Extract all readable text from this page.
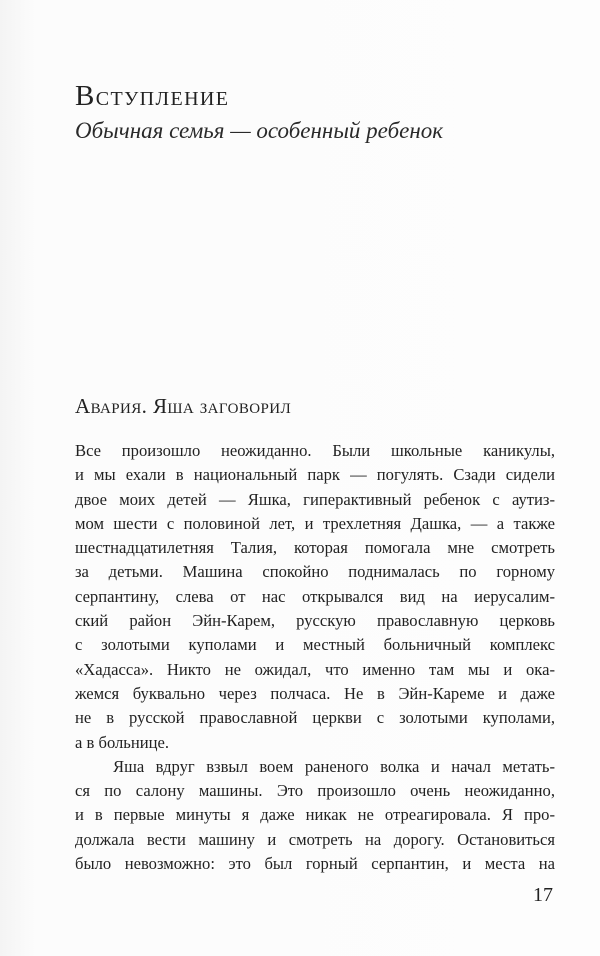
Вступление
Обычная семья — особенный ребенок
Авария. Яша заговорил
Все произошло неожиданно. Были школьные каникулы,
и мы ехали в национальный парк — погулять. Сзади сидели
двое моих детей — Яшка, гиперактивный ребенок с аутиз-
мом шести с половиной лет, и трехлетняя Дашка, — а также
шестнадцатилетняя Талия, которая помогала мне смотреть
за детьми. Машина спокойно поднималась по горному
серпантину, слева от нас открывался вид на иерусалим-
ский район Эйн-Карем, русскую православную церковь
с золотыми куполами и местный больничный комплекс
«Хадасса». Никто не ожидал, что именно там мы и ока-
жемся буквально через полчаса. Не в Эйн-Кареме и даже
не в русской православной церкви с золотыми куполами,
а в больнице.
Яша вдруг взвыл воем раненого волка и начал метать-
ся по салону машины. Это произошло очень неожиданно,
и в первые минуты я даже никак не отреагировала. Я про-
должала вести машину и смотреть на дорогу. Остановиться
было невозможно: это был горный серпантин, и места на
17
